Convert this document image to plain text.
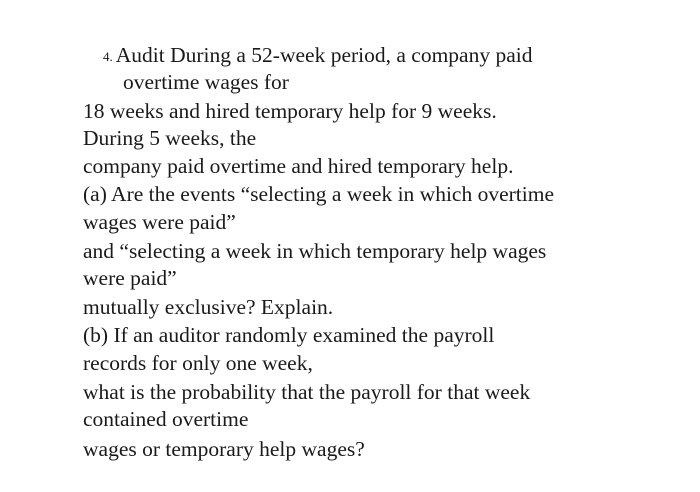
4. Audit During a 52-week period, a company paid
overtime wages for
18 weeks and hired temporary help for 9 weeks.
During 5 weeks, the
company paid overtime and hired temporary help.
(a) Are the events “selecting a week in which overtime
wages were paid”
and “selecting a week in which temporary help wages
were paid”
mutually exclusive? Explain.
(b) If an auditor randomly examined the payroll
records for only one week,
what is the probability that the payroll for that week
contained overtime
wages or temporary help wages?
